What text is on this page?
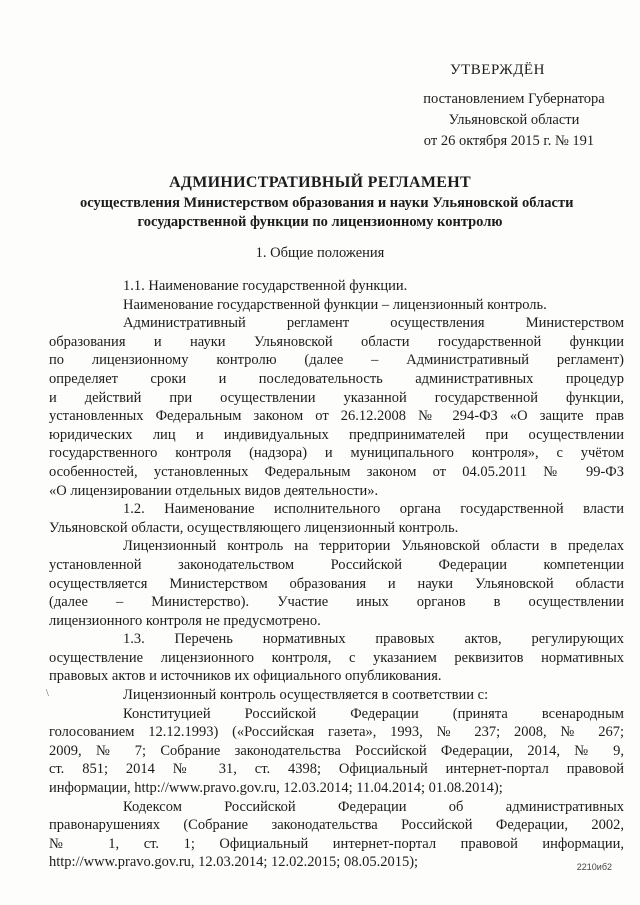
УТВЕРЖДЁН
постановлением Губернатора
Ульяновской области
от 26 октября 2015 г. № 191
АДМИНИСТРАТИВНЫЙ РЕГЛАМЕНТ
осуществления Министерством образования и науки Ульяновской области
государственной функции по лицензионному контролю
1. Общие положения
1.1. Наименование государственной функции.
Наименование государственной функции – лицензионный контроль.
Административный регламент осуществления Министерством
образования и науки Ульяновской области государственной функции
по лицензионному контролю (далее – Административный регламент)
определяет сроки и последовательность административных процедур
и действий при осуществлении указанной государственной функции,
установленных Федеральным законом от 26.12.2008 № 294-ФЗ «О защите прав
юридических лиц и индивидуальных предпринимателей при осуществлении
государственного контроля (надзора) и муниципального контроля», с учётом
особенностей, установленных Федеральным законом от 04.05.2011 № 99-ФЗ
«О лицензировании отдельных видов деятельности».
1.2. Наименование исполнительного органа государственной власти
Ульяновской области, осуществляющего лицензионный контроль.
Лицензионный контроль на территории Ульяновской области в пределах
установленной законодательством Российской Федерации компетенции
осуществляется Министерством образования и науки Ульяновской области
(далее – Министерство). Участие иных органов в осуществлении
лицензионного контроля не предусмотрено.
1.3. Перечень нормативных правовых актов, регулирующих
осуществление лицензионного контроля, с указанием реквизитов нормативных
правовых актов и источников их официального опубликования.
Лицензионный контроль осуществляется в соответствии с:
Конституцией Российской Федерации (принята всенародным
голосованием 12.12.1993) («Российская газета», 1993, № 237; 2008, № 267;
2009, № 7; Собрание законодательства Российской Федерации, 2014, № 9,
ст. 851; 2014 № 31, ст. 4398; Официальный интернет-портал правовой
информации, http://www.pravo.gov.ru, 12.03.2014; 11.04.2014; 01.08.2014);
Кодексом Российской Федерации об административных
правонарушениях (Собрание законодательства Российской Федерации, 2002,
№ 1, ст. 1; Официальный интернет-портал правовой информации,
http://www.pravo.gov.ru, 12.03.2014; 12.02.2015; 08.05.2015);
\
2210иб2
